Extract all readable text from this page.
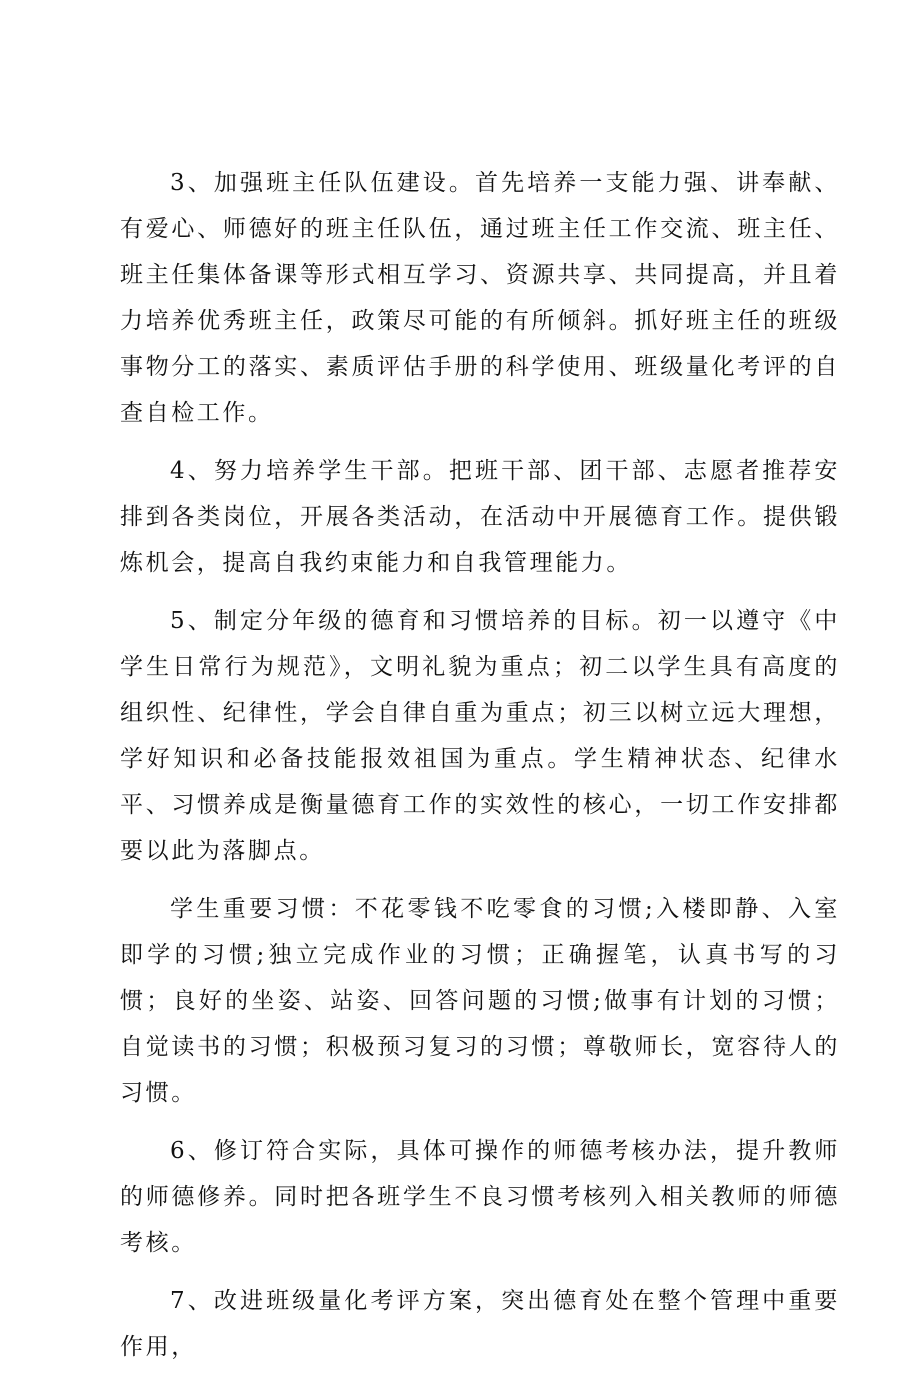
3、加强班主任队伍建设。首先培养一支能力强、讲奉献、有爱心、师德好的班主任队伍，通过班主任工作交流、班主任、班主任集体备课等形式相互学习、资源共享、共同提高，并且着力培养优秀班主任，政策尽可能的有所倾斜。抓好班主任的班级事物分工的落实、素质评估手册的科学使用、班级量化考评的自查自检工作。

4、努力培养学生干部。把班干部、团干部、志愿者推荐安排到各类岗位，开展各类活动，在活动中开展德育工作。提供锻炼机会，提高自我约束能力和自我管理能力。

5、制定分年级的德育和习惯培养的目标。初一以遵守《中学生日常行为规范》，文明礼貌为重点；初二以学生具有高度的组织性、纪律性，学会自律自重为重点；初三以树立远大理想，学好知识和必备技能报效祖国为重点。学生精神状态、纪律水平、习惯养成是衡量德育工作的实效性的核心，一切工作安排都要以此为落脚点。

学生重要习惯：不花零钱不吃零食的习惯;入楼即静、入室即学的习惯;独立完成作业的习惯；正确握笔，认真书写的习惯；良好的坐姿、站姿、回答问题的习惯;做事有计划的习惯；自觉读书的习惯；积极预习复习的习惯；尊敬师长，宽容待人的习惯。

6、修订符合实际，具体可操作的师德考核办法，提升教师的师德修养。同时把各班学生不良习惯考核列入相关教师的师德考核。

7、改进班级量化考评方案，突出德育处在整个管理中重要作用，
